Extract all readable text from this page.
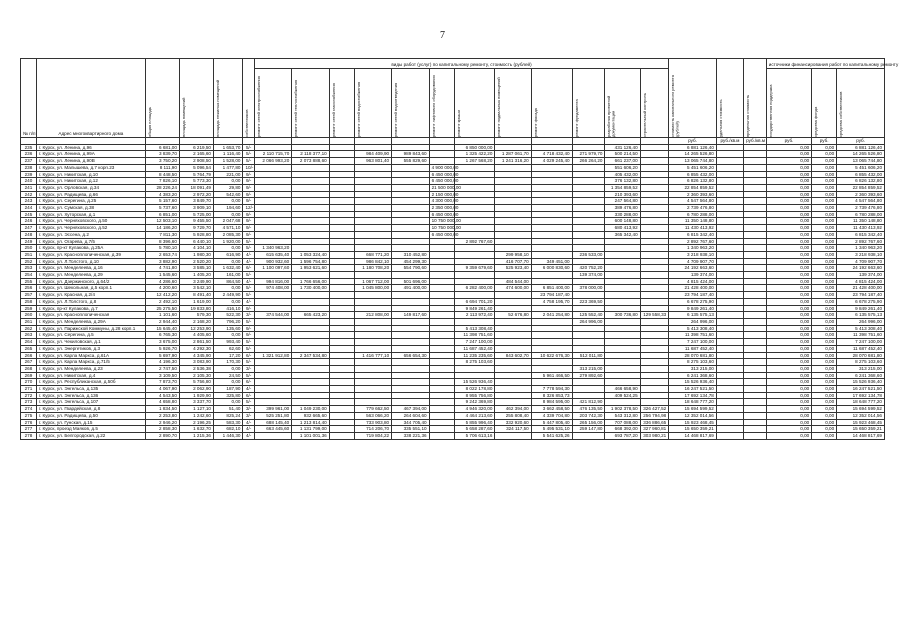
7
№ п/п	Адрес многоквартирного дома	общая площадь	площадь помещений	площадь нежилых помещений	собственников	виды работ (услуг) по капитальному ремонту, стоимость (рублей)												стоимость капитального ремонта (рублей)	удельная стоимость	предельная стоимость	источники финансирования работ по капитальному ремонту		

						ремонт сетей электроснабжения	ремонт сетей теплоснабжения	ремонт сетей газоснабжения	ремонт сетей водоснабжения	ремонт сетей водоотведения	ремонт лифтового оборудования	ремонт крыши	ремонт подвальных помещений	ремонт фасада	ремонт фундамента	разработка проектной документации	строительный контроль				государственная поддержка	средства фонда	средства собственников

																		руб.	руб./кв.м	руб./кв.м	руб.	руб.	руб.
235	г. Курск, ул. Ленина, д.96	6 681,00	6 219,50	1 653,70	5/-							6 850 000,00				431 126,40		6 881 126,40			0,00	0,00	6 881 126,40
236	г. Курск, ул. Ленина, д.99А	3 839,70	2 165,60	1 116,40	5/-	2 110 715,70	2 118 377,10		984 409,90	989 843,60		1 325 422,20	1 287 061,70	4 718 432,40	271 979,70	500 214,50		14 265 526,80			0,00	0,00	14 265 526,80
237	г. Курск, ул. Ленина, д.90В	3 750,20	2 908,50	1 528,00	5/-	2 066 993,20	2 073 888,60		963 801,40	555 829,60		1 267 568,20	1 241 316,20	4 029 245,40	266 264,20	661 237,00		13 065 744,80			0,00	0,00	13 065 744,80
238	г. Курск, ул. Малышева, д.7 корп.23	8 111,90	5 096,54	1 477,80	10/-						4 900 000,00					551 606,20		5 451 606,20			0,00	0,00	5 451 606,20
239	г. Курск, ул. Никитская, д.10	8 448,50	5 764,79	221,00	9/-						6 450 000,00					405 432,00		6 855 432,00			0,00	0,00	6 855 432,00
240	г. Курск, ул. Никитская, д.12	7 826,10	5 773,30	0,00	9/-						6 450 000,00					376 132,80		6 826 132,80			0,00	0,00	6 826 132,80
241	г. Курск, ул. Орловская, д.34	28 226,24	18 091,49	29,80	9/-						21 500 000,00					1 354 859,52		22 854 859,52			0,00	0,00	22 854 859,52
242	г. Курск, ул. Радищева, д.66	4 383,20	2 972,20	542,60	9/-						2 150 000,00					210 393,60		2 360 393,60			0,00	0,00	2 360 393,60
243	г. Курск, ул. Серегина, д.25	5 157,60	3 849,70	0,00	9/-						4 300 000,00					247 564,80		4 547 564,80			0,00	0,00	4 547 564,80
244	г. Курск, ул. Сумская, д.38	5 737,60	3 909,10	194,60	12/-						2 350 000,00					389 476,80		2 739 476,80			0,00	0,00	2 739 476,80
245	г. Курск, ул. Хуторская, д.1	6 851,00	5 725,00	0,00	9/-						6 450 000,00					330 288,00		6 780 288,00			0,00	0,00	6 780 288,00
246	г. Курск, ул. Черняховского, д.50	12 503,10	9 455,50	2 047,68	9/-						10 750 000,00					600 148,80		11 350 148,80			0,00	0,00	11 350 148,80
247	г. Курск, ул. Черняховского, д.52	14 186,20	9 729,70	4 571,10	9/-						10 750 000,00					680 413,92		11 430 413,92			0,00	0,00	11 430 413,92
248	г. Курск, ул. Эссена, д.2	7 811,30	5 928,80	2 085,30	9/-						6 450 000,00					365 342,40		6 815 342,40			0,00	0,00	6 815 342,40
249	г. Курск, ул. Огарева, д.7/5	8 396,60	6 440,10	1 920,00	5/-							2 892 767,60						2 892 767,60			0,00	0,00	2 892 767,60
250	г. Курск, пр-кт Кулакова, д.25А	5 780,10	4 104,10	0,00	5/-	1 340 963,20												1 340 963,20			0,00	0,00	1 340 963,20
251	г. Курск, ул. Красноплопиченская, д.39	2 653,74	1 980,30	616,90	4/-	615 635,40	1 053 324,40		668 771,20	310 452,80			299 958,10		236 533,00			3 218 938,10			0,00	0,00	3 218 938,10
252	г. Курск, ул. Л.Толстого, д.10	3 882,90	2 520,20	0,00	4/-	900 932,60	1 596 754,80		986 842,10	454 299,30			416 707,70	349 451,00				4 709 907,70			0,00	0,00	4 709 907,70
253	г. Курск, ул. Менделеева, д.16	4 741,80	3 585,10	1 632,40	6/-	1 100 097,60	1 953 621,60		1 180 708,20	554 790,60		9 359 679,60	525 923,40	6 000 830,60	420 752,20			24 192 663,60			0,00	0,00	24 192 663,60
254	г. Курск, ул. Менделеева, д.29	1 545,60	1 405,20	161,00	5/-										139 374,00			139 374,00			0,00	0,00	139 374,00
255	г. Курск, ул. Дзержинского, д.64/2	4 286,60	3 249,90	864,50	4/-	994 816,00	1 766 656,00		1 067 712,00	501 696,00			484 544,00					4 815 424,00			0,00	0,00	4 815 424,00
256	г. Курск, ул. Шекольная, д.5 корп.1	4 200,60	3 542,10	0,00	5/-	974 408,00	1 730 400,00		1 045 800,00	491 400,00		6 282 400,00	474 600,00	6 851 400,00	378 000,00			21 428 400,00			0,00	0,00	21 428 400,00
257	г. Курск, ул. Красная, д.2/4	12 412,20	8 491,40	2 449,90	5/-									23 794 187,40				23 794 187,40			0,00	0,00	23 794 187,40
258	г. Курск, ул. Л.Толстого, д.8	2 492,10	1 619,00	0,00	4/-							6 694 701,20		4 758 195,70	223 369,50			6 678 275,90			0,00	0,00	6 678 275,90
259	г. Курск, пр-кт Кулакова, д.7	25 275,50	19 833,80	416,10	9/-							9 849 261,40						9 849 261,40			0,00	0,00	9 849 261,40
260	г. Курск, ул. Красноплопиченская	1 101,60	579,30	522,30	3/-	374 544,00	665 423,20		212 808,00	149 817,60		2 113 972,40	52 676,80	2 041 254,80	125 552,40	300 736,80	129 558,33	6 135 575,13			0,00	0,00	6 135 575,13
261	г. Курск, ул. Менделеева, д.29А	2 944,40	2 168,20	796,20	5/-										264 996,00			264 996,00			0,00	0,00	264 996,00
262	г. Курск, ул. Парижской Коммуны, д.28 корп.1	15 645,40	12 253,90	135,60	9/-							5 413 308,40						5 413 308,40			0,00	0,00	5 413 308,40
263	г. Курск, ул. Серегина, д.5	6 765,30	4 405,60	0,00	9/-							11 398 751,60						11 398 751,60			0,00	0,00	11 398 751,60
264	г. Курск, ул. Чекиловская, д.1	3 675,00	2 861,50	993,40	5/-							7 247 100,00						7 247 100,00			0,00	0,00	7 247 100,00
265	г. Курск, ул. Энергетиков, д.3	5 926,70	4 292,30	62,60	5/-							11 687 452,40						11 687 452,40			0,00	0,00	11 687 452,40
266	г. Курск, ул. Карла Маркса, д.61А	5 697,90	4 345,90	17,20	6/-	1 321 912,80	2 347 534,80		1 416 777,10	656 654,30		11 235 235,60	843 602,70	10 622 676,30	512 011,80			28 070 681,80			0,00	0,00	28 070 681,80
267	г. Курск, ул. Карла Маркса, д.71/5	4 196,30	3 083,90	170,30	5/-							8 275 103,60						8 275 103,60			0,00	0,00	8 275 103,60
268	г. Курск, ул. Менделеева, д.23	2 747,50	2 536,38	0,00	3/-										313 215,00			313 215,00			0,00	0,00	313 215,00
269	г. Курск, ул. Никитская, д.4	3 109,50	2 105,30	24,50	5/-									5 961 466,50	279 892,60			6 241 368,60			0,00	0,00	6 241 368,60
270	г. Курск, ул. Республиканская, д.50б	7 873,70	5 756,80	0,00	6/-							15 526 936,40						15 526 936,40			0,00	0,00	15 526 936,40
271	г. Курск, ул. Энгельса, д.135	4 067,90	2 062,90	187,90	4/-							8 022 178,80		7 778 594,30		466 658,90		16 247 521,50			0,00	0,00	16 247 521,50
272	г. Курск, ул. Энгельса, д.136	4 543,50	1 929,90	325,80	6/-							8 955 756,80		8 326 853,73		409 524,25		17 692 134,78			0,00	0,00	17 692 134,78
273	г. Курск, ул. Энгельса, д.107	4 658,80	3 337,70	0,00	5/-							9 242 369,80		8 984 595,00	421 812,90			18 648 777,20			0,00	0,00	18 648 777,20
274	г. Курск, ул. Гвардейская, д.8	1 834,50	1 127,10	51,40	3/-	399 961,00	1 049 230,00		779 662,50	467 394,00		4 946 320,00	462 394,00	3 662 458,50	476 135,50	1 902 378,50	326 427,52	15 694 599,52			0,00	0,00	15 694 599,52
275	г. Курск, ул. Радищева, д.50	2 253,80	1 242,60	825,24	3/-	525 251,80	932 665,60		563 066,20	264 604,60		4 464 213,60	255 808,40	4 339 704,80	203 742,30	543 312,80	256 794,98	12 352 014,56			0,00	0,00	12 352 014,56
276	г. Курск, ул. Гунская, д.15	2 946,20	2 196,25	583,30	4/-	688 145,40	1 213 814,40		733 903,80	344 705,40		5 855 996,40	332 920,60	5 447 805,40	265 156,00	707 088,00	336 886,65	15 923 468,45			0,00	0,00	15 923 468,45
277	г. Курск, проезд Маяков, д.5	2 858,30	1 632,70	682,10	4/-	663 445,60	1 131 799,00		714 206,70	335 551,10		5 658 287,60	324 117,50	5 495 531,10	259 147,80	668 392,00	327 960,81	15 650 359,21			0,00	0,00	15 650 359,21
278	г. Курск, ул. Белгородская, д.22	2 890,70	1 215,36	1 446,30	4/-		1 101 001,36		719 804,22	338 221,36		5 706 613,16		5 541 625,26		693 787,20	303 980,21	14 468 817,69			0,00	0,00	14 468 817,69
